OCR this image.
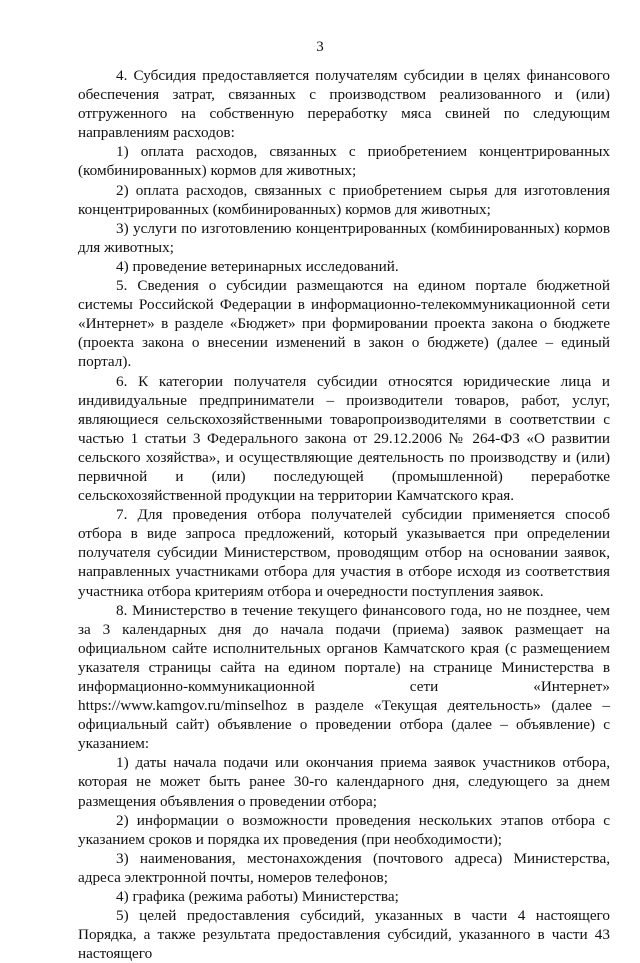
3

4. Субсидия предоставляется получателям субсидии в целях финансового обеспечения затрат, связанных с производством реализованного и (или) отгруженного на собственную переработку мяса свиней по следующим направлениям расходов:

1) оплата расходов, связанных с приобретением концентрированных (комбинированных) кормов для животных;

2) оплата расходов, связанных с приобретением сырья для изготовления концентрированных (комбинированных) кормов для животных;

3) услуги по изготовлению концентрированных (комбинированных) кормов для животных;

4) проведение ветеринарных исследований.

5. Сведения о субсидии размещаются на едином портале бюджетной системы Российской Федерации в информационно-телекоммуникационной сети «Интернет» в разделе «Бюджет» при формировании проекта закона о бюджете (проекта закона о внесении изменений в закон о бюджете) (далее – единый портал).

6. К категории получателя субсидии относятся юридические лица и индивидуальные предприниматели – производители товаров, работ, услуг, являющиеся сельскохозяйственными товаропроизводителями в соответствии с частью 1 статьи 3 Федерального закона от 29.12.2006 № 264-ФЗ «О развитии сельского хозяйства», и осуществляющие деятельность по производству и (или) первичной и (или) последующей (промышленной) переработке сельскохозяйственной продукции на территории Камчатского края.

7. Для проведения отбора получателей субсидии применяется способ отбора в виде запроса предложений, который указывается при определении получателя субсидии Министерством, проводящим отбор на основании заявок, направленных участниками отбора для участия в отборе исходя из соответствия участника отбора критериям отбора и очередности поступления заявок.

8. Министерство в течение текущего финансового года, но не позднее, чем за 3 календарных дня до начала подачи (приема) заявок размещает на официальном сайте исполнительных органов Камчатского края (с размещением указателя страницы сайта на едином портале) на странице Министерства в информационно-коммуникационной сети «Интернет» https://www.kamgov.ru/minselhoz в разделе «Текущая деятельность» (далее – официальный сайт) объявление о проведении отбора (далее – объявление) с указанием:

1) даты начала подачи или окончания приема заявок участников отбора, которая не может быть ранее 30-го календарного дня, следующего за днем размещения объявления о проведении отбора;

2) информации о возможности проведения нескольких этапов отбора с указанием сроков и порядка их проведения (при необходимости);

3) наименования, местонахождения (почтового адреса) Министерства, адреса электронной почты, номеров телефонов;

4) графика (режима работы) Министерства;

5) целей предоставления субсидий, указанных в части 4 настоящего Порядка, а также результата предоставления субсидий, указанного в части 43 настоящего
